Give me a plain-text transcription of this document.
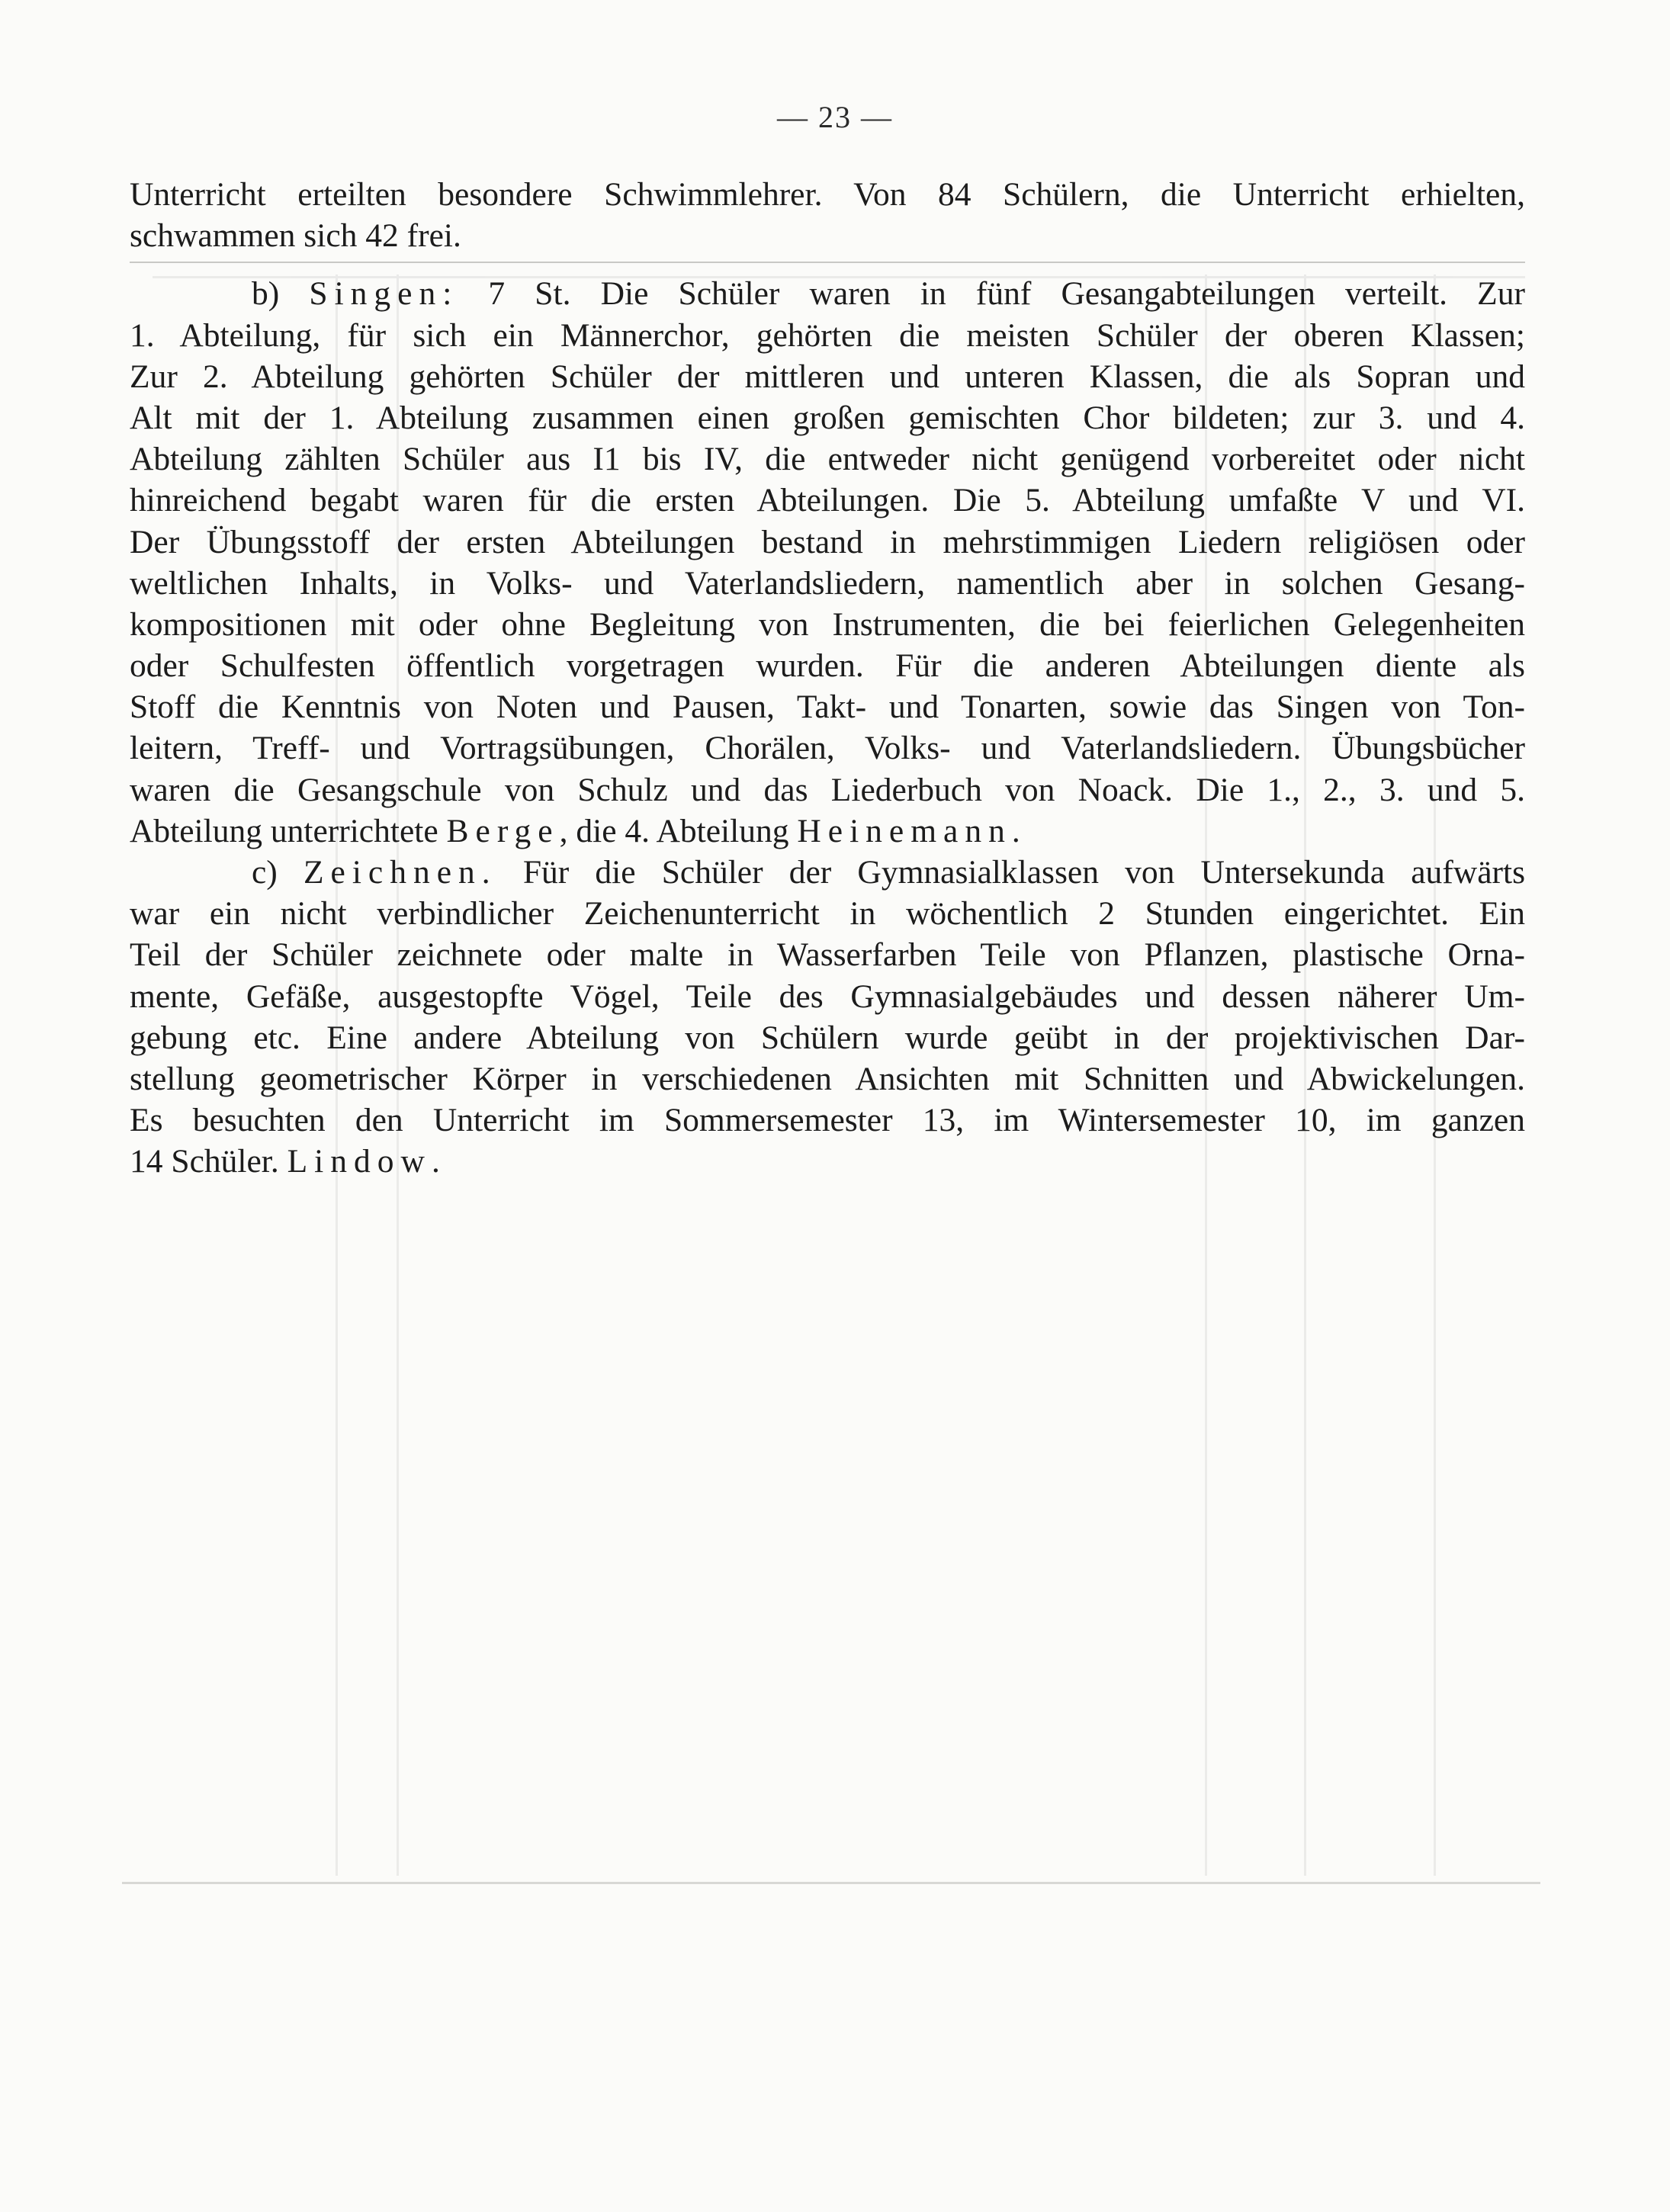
— 23 —
Unterricht erteilten besondere Schwimmlehrer. Von 84 Schülern, die Unterricht erhielten,
schwammen sich 42 frei.
b) Singen: 7 St. Die Schüler waren in fünf Gesangabteilungen verteilt. Zur
1. Abteilung, für sich ein Männerchor, gehörten die meisten Schüler der oberen Klassen;
Zur 2. Abteilung gehörten Schüler der mittleren und unteren Klassen, die als Sopran und
Alt mit der 1. Abteilung zusammen einen großen gemischten Chor bildeten; zur 3. und 4.
Abteilung zählten Schüler aus I1 bis IV, die entweder nicht genügend vorbereitet oder nicht
hinreichend begabt waren für die ersten Abteilungen. Die 5. Abteilung umfaßte V und VI.
Der Übungsstoff der ersten Abteilungen bestand in mehrstimmigen Liedern religiösen oder
weltlichen Inhalts, in Volks- und Vaterlandsliedern, namentlich aber in solchen Gesang-
kompositionen mit oder ohne Begleitung von Instrumenten, die bei feierlichen Gelegenheiten
oder Schulfesten öffentlich vorgetragen wurden. Für die anderen Abteilungen diente als
Stoff die Kenntnis von Noten und Pausen, Takt- und Tonarten, sowie das Singen von Ton-
leitern, Treff- und Vortragsübungen, Chorälen, Volks- und Vaterlandsliedern. Übungsbücher
waren die Gesangschule von Schulz und das Liederbuch von Noack. Die 1., 2., 3. und 5.
Abteilung unterrichtete Berge, die 4. Abteilung Heinemann.
c) Zeichnen. Für die Schüler der Gymnasialklassen von Untersekunda aufwärts
war ein nicht verbindlicher Zeichenunterricht in wöchentlich 2 Stunden eingerichtet. Ein
Teil der Schüler zeichnete oder malte in Wasserfarben Teile von Pflanzen, plastische Orna-
mente, Gefäße, ausgestopfte Vögel, Teile des Gymnasialgebäudes und dessen näherer Um-
gebung etc. Eine andere Abteilung von Schülern wurde geübt in der projektivischen Dar-
stellung geometrischer Körper in verschiedenen Ansichten mit Schnitten und Abwickelungen.
Es besuchten den Unterricht im Sommersemester 13, im Wintersemester 10, im ganzen
14 Schüler. Lindow.
